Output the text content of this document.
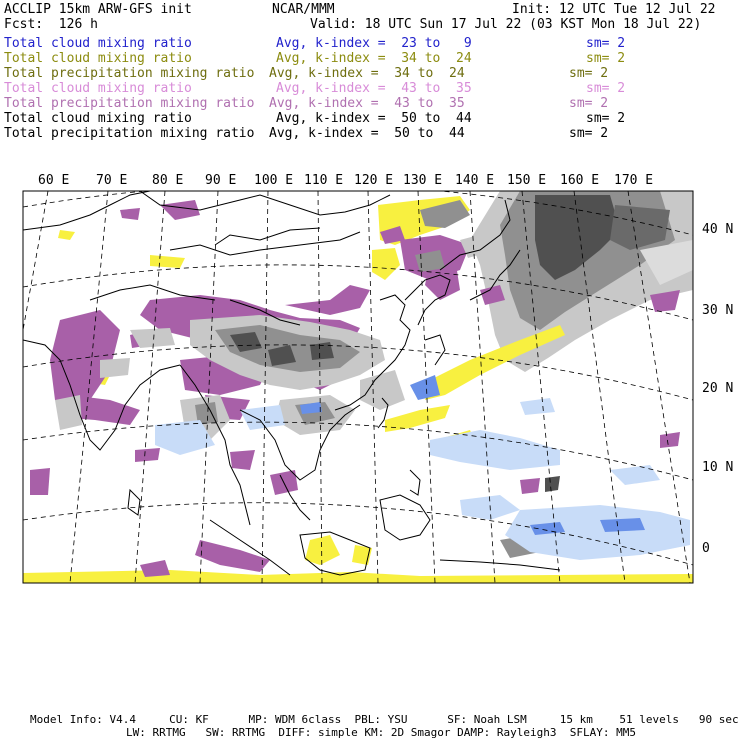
ACCLIP 15km ARW-GFS init	NCAR/MMM	Init: 12 UTC Tue 12 Jul 22
Fcst:  126 h	Valid: 18 UTC Sun 17 Jul 22 (03 KST Mon 18 Jul 22)
Total cloud mixing ratio	Avg, k-index =  23 to   9	sm= 2
Total cloud mixing ratio	Avg, k-index =  34 to  24	sm= 2
Total precipitation mixing ratio Avg, k-index =  34 to  24	sm= 2
Total cloud mixing ratio	Avg, k-index =  43 to  35	sm= 2
Total precipitation mixing ratio Avg, k-index =  43 to  35	sm= 2
Total cloud mixing ratio	Avg, k-index =  50 to  44	sm= 2
Total precipitation mixing ratio Avg, k-index =  50 to  44	sm= 2
60 E 70 E 80 E 90 E 100 E 110 E 120 E 130 E 140 E 150 E 160 E 170 E
40 N
30 N
20 N
10 N
0
Model Info: V4.4     CU: KF      MP: WDM 6class  PBL: YSU      SF: Noah LSM     15 km    51 levels   90 sec
LW: RRTMG   SW: RRTMG  DIFF: simple KM: 2D Smagor DAMP: Rayleigh3  SFLAY: MM5
